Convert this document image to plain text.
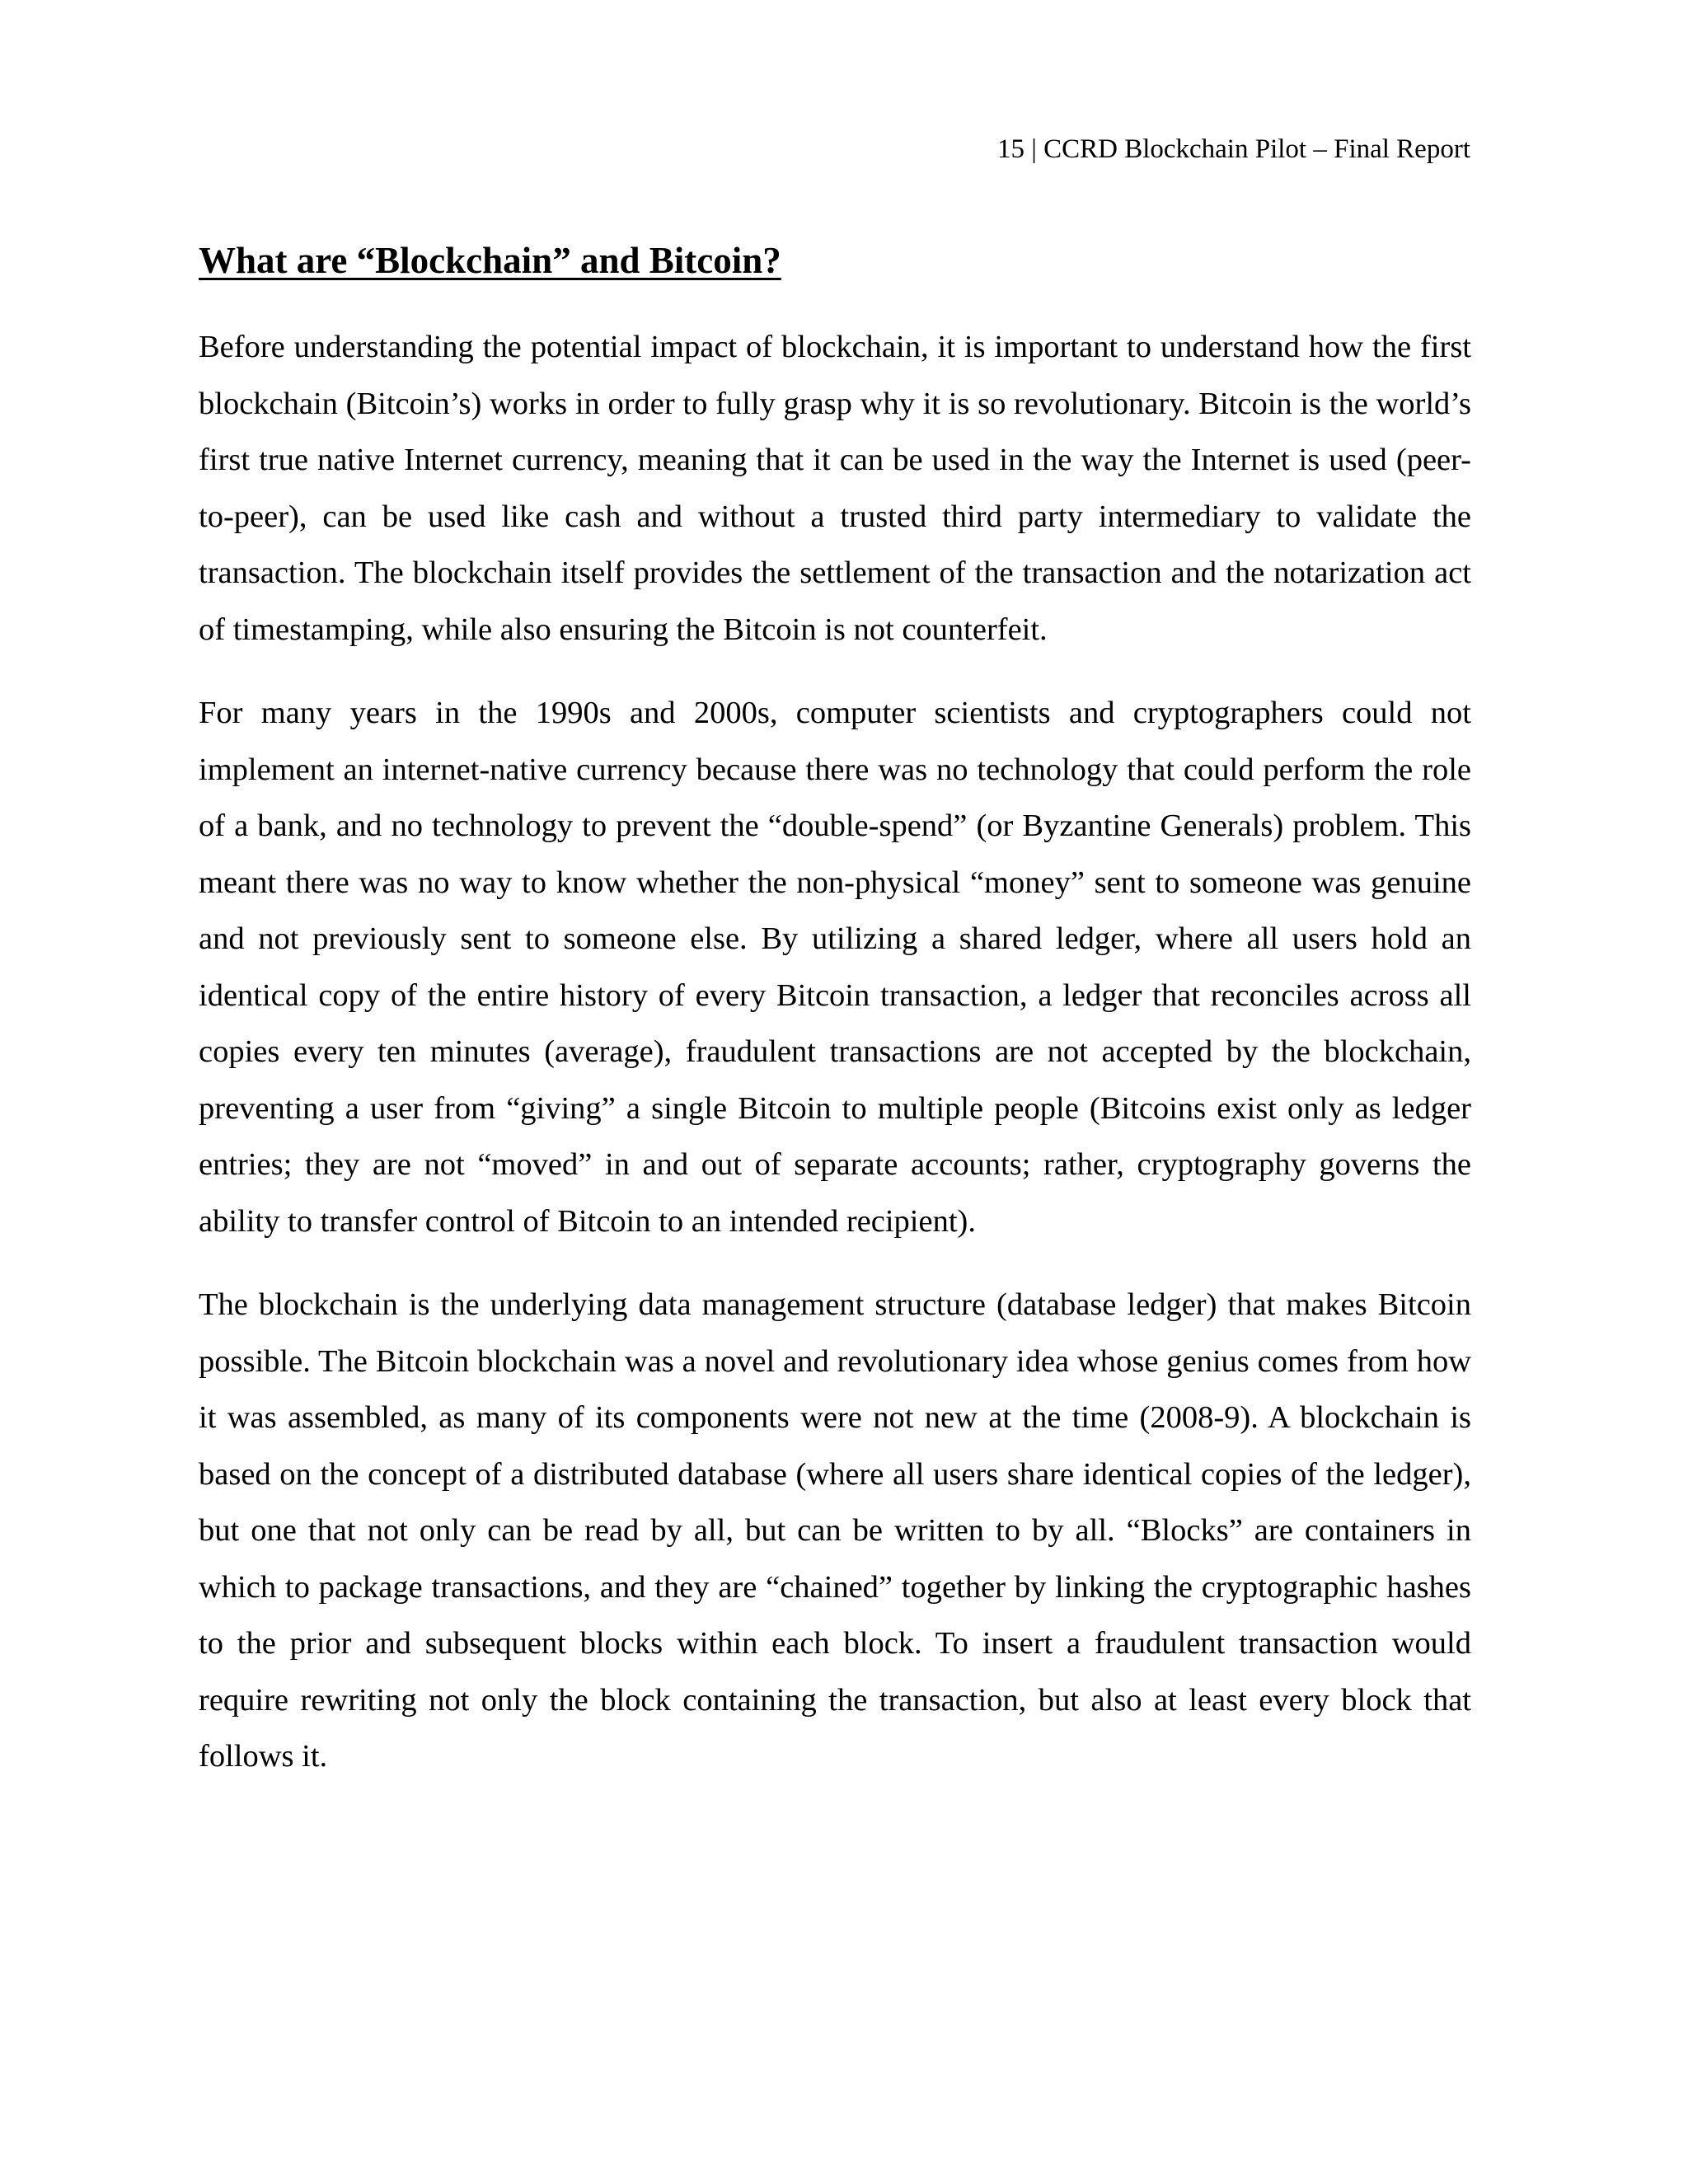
15 | CCRD Blockchain Pilot – Final Report
What are “Blockchain” and Bitcoin?

Before understanding the potential impact of blockchain, it is important to understand how the first blockchain (Bitcoin’s) works in order to fully grasp why it is so revolutionary. Bitcoin is the world’s first true native Internet currency, meaning that it can be used in the way the Internet is used (peer-to-peer), can be used like cash and without a trusted third party intermediary to validate the transaction. The blockchain itself provides the settlement of the transaction and the notarization act of timestamping, while also ensuring the Bitcoin is not counterfeit.

For many years in the 1990s and 2000s, computer scientists and cryptographers could not implement an internet-native currency because there was no technology that could perform the role of a bank, and no technology to prevent the “double-spend” (or Byzantine Generals) problem. This meant there was no way to know whether the non-physical “money” sent to someone was genuine and not previously sent to someone else. By utilizing a shared ledger, where all users hold an identical copy of the entire history of every Bitcoin transaction, a ledger that reconciles across all copies every ten minutes (average), fraudulent transactions are not accepted by the blockchain, preventing a user from “giving” a single Bitcoin to multiple people (Bitcoins exist only as ledger entries; they are not “moved” in and out of separate accounts; rather, cryptography governs the ability to transfer control of Bitcoin to an intended recipient).

The blockchain is the underlying data management structure (database ledger) that makes Bitcoin possible. The Bitcoin blockchain was a novel and revolutionary idea whose genius comes from how it was assembled, as many of its components were not new at the time (2008-9). A blockchain is based on the concept of a distributed database (where all users share identical copies of the ledger), but one that not only can be read by all, but can be written to by all. “Blocks” are containers in which to package transactions, and they are “chained” together by linking the cryptographic hashes to the prior and subsequent blocks within each block. To insert a fraudulent transaction would require rewriting not only the block containing the transaction, but also at least every block that follows it.
